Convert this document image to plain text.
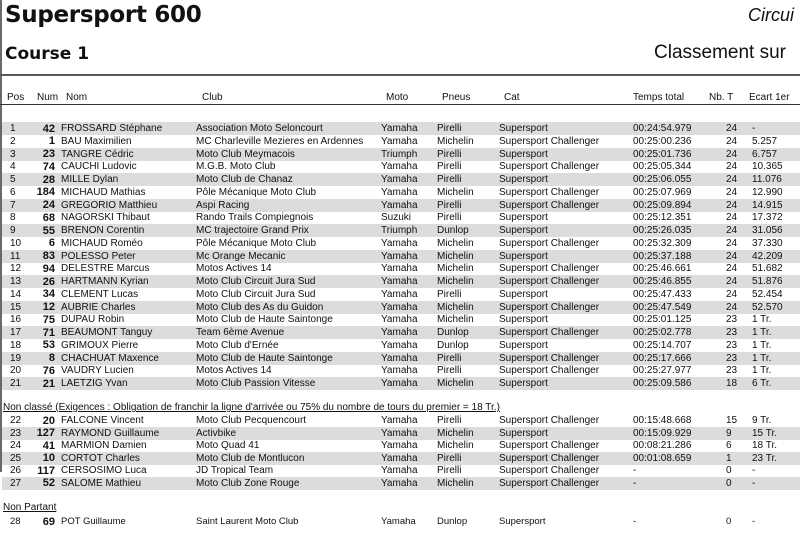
Supersport 600
Course 1
Circui
Classement sur
Pos Num Nom	Club	Moto	Pneus	Cat	Temps total Nb. T Ecart 1er
1	42 FROSSARD Stéphane	Association Moto Seloncourt	Yamaha	Pirelli	Supersport	00:24:54.979	24	-
2	1 BAU Maximilien	MC Charleville Mezieres en Ardennes	Yamaha	Michelin	Supersport Challenger	00:25:00.236	24	5.257
3	23 TANGRE Cédric	Moto Club Meymacois	Triumph	Pirelli	Supersport	00:25:01.736	24	6.757
4	74 CAUCHI Ludovic	M.G.B. Moto Club	Yamaha	Pirelli	Supersport Challenger	00:25:05.344	24	10.365
5	28 MILLE Dylan	Moto Club de Chanaz	Yamaha	Pirelli	Supersport	00:25:06.055	24	11.076
6	184 MICHAUD Mathias	Pôle Mécanique Moto Club	Yamaha	Michelin	Supersport Challenger	00:25:07.969	24	12.990
7	24 GREGORIO Matthieu	Aspi Racing	Yamaha	Pirelli	Supersport Challenger	00:25:09.894	24	14.915
8	68 NAGORSKI Thibaut	Rando Trails Compiegnois	Suzuki	Pirelli	Supersport	00:25:12.351	24	17.372
9	55 BRENON Corentin	MC trajectoire Grand Prix	Triumph	Dunlop	Supersport	00:25:26.035	24	31.056
10	6 MICHAUD Roméo	Pôle Mécanique Moto Club	Yamaha	Michelin	Supersport Challenger	00:25:32.309	24	37.330
11	83 POLESSO Peter	Mc Orange Mecanic	Yamaha	Michelin	Supersport	00:25:37.188	24	42.209
12	94 DELESTRE Marcus	Motos Actives 14	Yamaha	Michelin	Supersport Challenger	00:25:46.661	24	51.682
13	26 HARTMANN Kyrian	Moto Club Circuit Jura Sud	Yamaha	Michelin	Supersport Challenger	00:25:46.855	24	51.876
14	34 CLEMENT Lucas	Moto Club Circuit Jura Sud	Yamaha	Pirelli	Supersport	00:25:47.433	24	52.454
15	12 AUBRIE Charles	Moto Club des As du Guidon	Yamaha	Michelin	Supersport Challenger	00:25:47.549	24	52.570
16	75 DUPAU Robin	Moto Club de Haute Saintonge	Yamaha	Michelin	Supersport	00:25:01.125	23	1 Tr.
17	71 BEAUMONT Tanguy	Team 6ème Avenue	Yamaha	Dunlop	Supersport Challenger	00:25:02.778	23	1 Tr.
18	53 GRIMOUX Pierre	Moto Club d'Ernée	Yamaha	Dunlop	Supersport	00:25:14.707	23	1 Tr.
19	8 CHACHUAT Maxence	Moto Club de Haute Saintonge	Yamaha	Pirelli	Supersport Challenger	00:25:17.666	23	1 Tr.
20	76 VAUDRY Lucien	Motos Actives 14	Yamaha	Pirelli	Supersport Challenger	00:25:27.977	23	1 Tr.
21	21 LAETZIG Yvan	Moto Club Passion Vitesse	Yamaha	Michelin	Supersport	00:25:09.586	18	6 Tr.
Non classé (Exigences : Obligation de franchir la ligne d'arrivée ou 75% du nombre de tours du premier = 18 Tr.)
22	20 FALCONE Vincent	Moto Club Pecquencourt	Yamaha	Pirelli	Supersport Challenger	00:15:48.668	15	9 Tr.
23	127 RAYMOND Guillaume	Activbike	Yamaha	Michelin	Supersport	00:15:09.929	9	15 Tr.
24	41 MARMION Damien	Moto Quad 41	Yamaha	Michelin	Supersport Challenger	00:08:21.286	6	18 Tr.
25	10 CORTOT Charles	Moto Club de Montlucon	Yamaha	Pirelli	Supersport Challenger	00:01:08.659	1	23 Tr.
26	117 CERSOSIMO Luca	JD Tropical Team	Yamaha	Pirelli	Supersport Challenger	-	0	-
27	52 SALOME Mathieu	Moto Club Zone Rouge	Yamaha	Michelin	Supersport Challenger	-	0	-
Non Partant
28	69 POT Guillaume	Saint Laurent Moto Club	Yamaha	Dunlop	Supersport	-	0	-
